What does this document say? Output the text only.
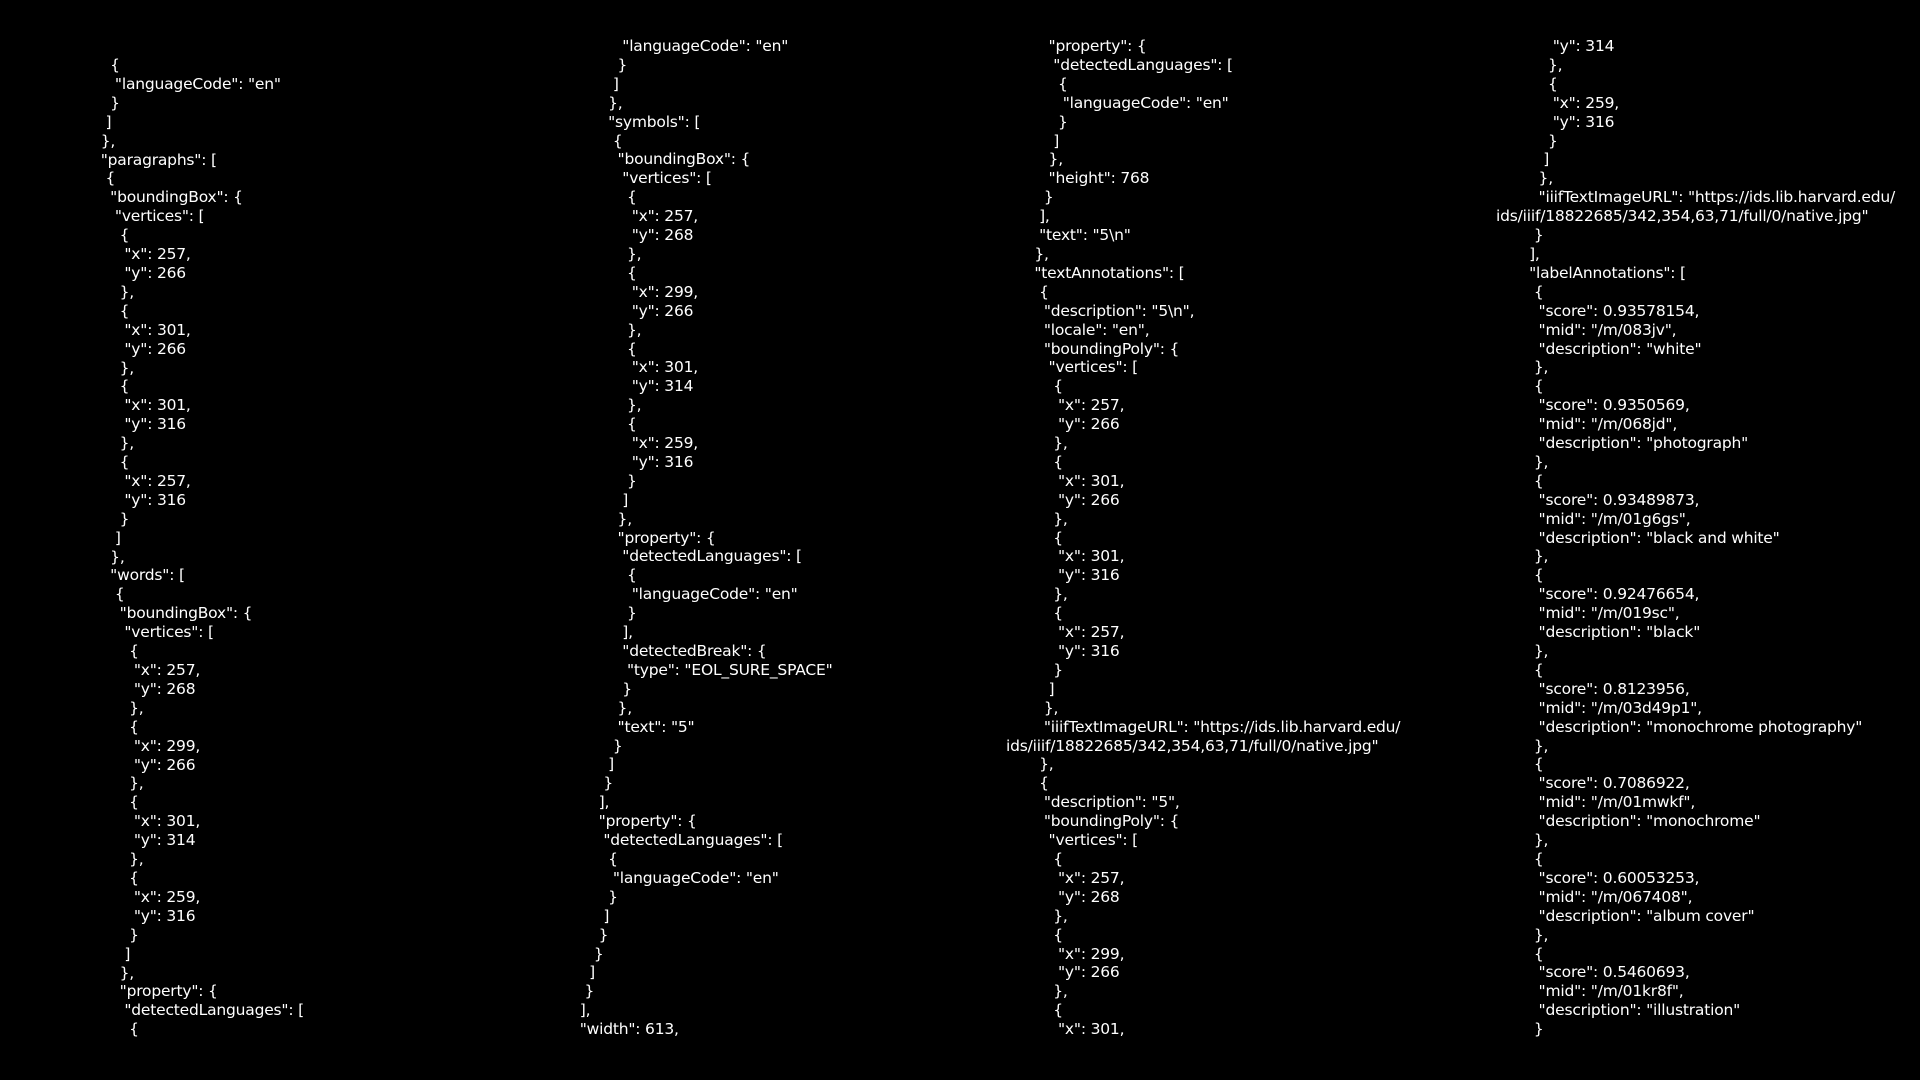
{
"languageCode": "en"
}
]
},
"paragraphs": [
{
"boundingBox": {
"vertices": [
{
"x": 257,
"y": 266
},
{
"x": 301,
"y": 266
},
{
"x": 301,
"y": 316
},
{
"x": 257,
"y": 316
}
]
},
"words": [
{
"boundingBox": {
"vertices": [
{
"x": 257,
"y": 268
},
{
"x": 299,
"y": 266
},
{
"x": 301,
"y": 314
},
{
"x": 259,
"y": 316
}
]
},
"property": {
"detectedLanguages": [
{
"languageCode": "en"
}
]
},
"symbols": [
{
"boundingBox": {
"vertices": [
{
"x": 257,
"y": 268
},
{
"x": 299,
"y": 266
},
{
"x": 301,
"y": 314
},
{
"x": 259,
"y": 316
}
]
},
"property": {
"detectedLanguages": [
{
"languageCode": "en"
}
],
"detectedBreak": {
"type": "EOL_SURE_SPACE"
}
},
"text": "5"
}
]
}
],
"property": {
"detectedLanguages": [
{
"languageCode": "en"
}
]
}
}
]
}
],
"width": 613,
"property": {
"detectedLanguages": [
{
"languageCode": "en"
}
]
},
"height": 768
}
],
"text": "5\n"
},
"textAnnotations": [
{
"description": "5\n",
"locale": "en",
"boundingPoly": {
"vertices": [
{
"x": 257,
"y": 266
},
{
"x": 301,
"y": 266
},
{
"x": 301,
"y": 316
},
{
"x": 257,
"y": 316
}
]
},
"iiifTextImageURL": "https://ids.lib.harvard.edu/
ids/iiif/18822685/342,354,63,71/full/0/native.jpg"
},
{
"description": "5",
"boundingPoly": {
"vertices": [
{
"x": 257,
"y": 268
},
{
"x": 299,
"y": 266
},
{
"x": 301,
"y": 314
},
{
"x": 259,
"y": 316
}
]
},
"iiifTextImageURL": "https://ids.lib.harvard.edu/
ids/iiif/18822685/342,354,63,71/full/0/native.jpg"
}
],
"labelAnnotations": [
{
"score": 0.93578154,
"mid": "/m/083jv",
"description": "white"
},
{
"score": 0.9350569,
"mid": "/m/068jd",
"description": "photograph"
},
{
"score": 0.93489873,
"mid": "/m/01g6gs",
"description": "black and white"
},
{
"score": 0.92476654,
"mid": "/m/019sc",
"description": "black"
},
{
"score": 0.8123956,
"mid": "/m/03d49p1",
"description": "monochrome photography"
},
{
"score": 0.7086922,
"mid": "/m/01mwkf",
"description": "monochrome"
},
{
"score": 0.60053253,
"mid": "/m/067408",
"description": "album cover"
},
{
"score": 0.5460693,
"mid": "/m/01kr8f",
"description": "illustration"
}
